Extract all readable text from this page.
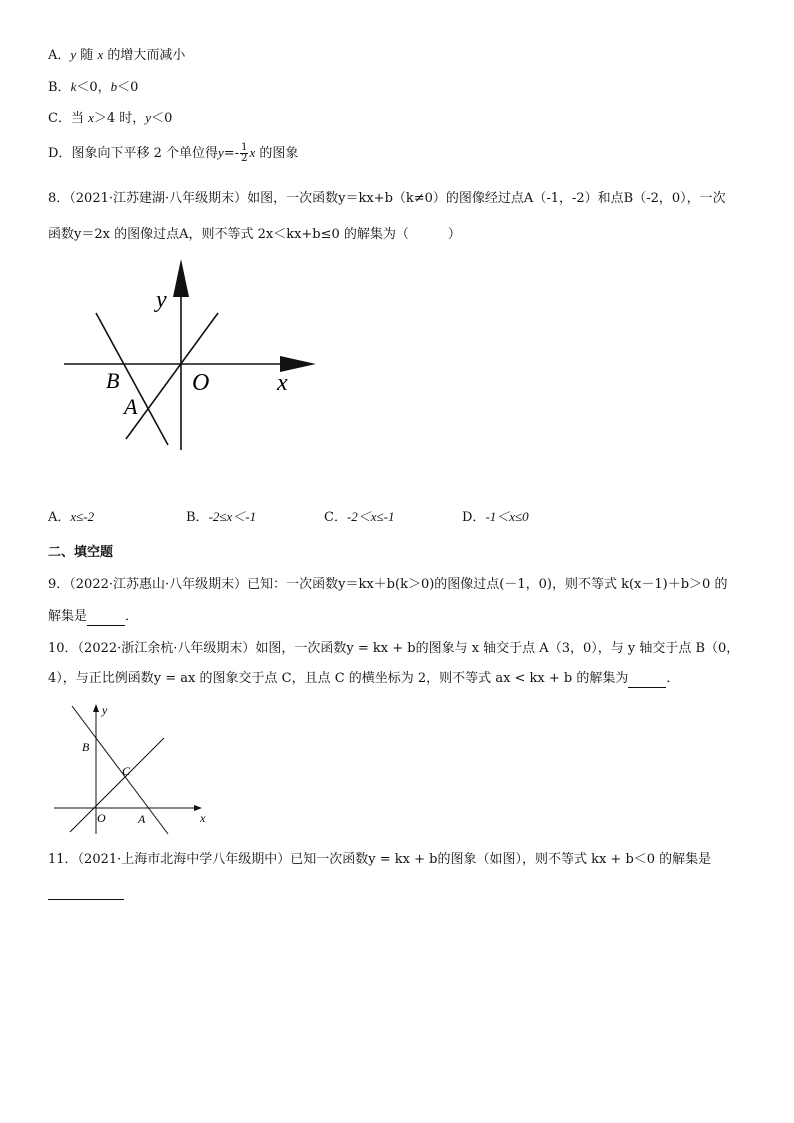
A．y 随 x 的增大而减小
B．k＜0，b＜0
C．当 x＞4 时，y＜0
D．图象向下平移 2 个单位得$y=- \frac{1}{2}$ x 的图象
8．（2021·江苏建湖·八年级期末）如图，一次函数y＝kx+b（k≠0）的图像经过点A（-1，-2）和点B（-2，0），一次
函数y＝2x 的图像过点A，则不等式 2x＜kx+b≤0 的解集为（　　　）
y
x
O
B
A
A．x≤-2	B．-2≤x＜-1	C．-2＜x≤-1	D．-1＜x≤0
二、填空题
9．（2022·江苏惠山·八年级期末）已知：一次函数y＝kx＋b(k＞0)的图像过点(－1，0)，则不等式 k(x－1)＋b＞0 的
解集是	．
10．（2022·浙江余杭·八年级期末）如图，一次函数y = kx + b的图象与 x 轴交于点 A（3，0），与 y 轴交于点 B（0，
4），与正比例函数y = ax 的图象交于点 C，且点 C 的横坐标为 2，则不等式 ax < kx + b 的解集为	．
y
x
O	A
B
C
11．（2021·上海市北海中学八年级期中）已知一次函数y = kx + b的图象（如图），则不等式 kx + b＜0 的解集是
